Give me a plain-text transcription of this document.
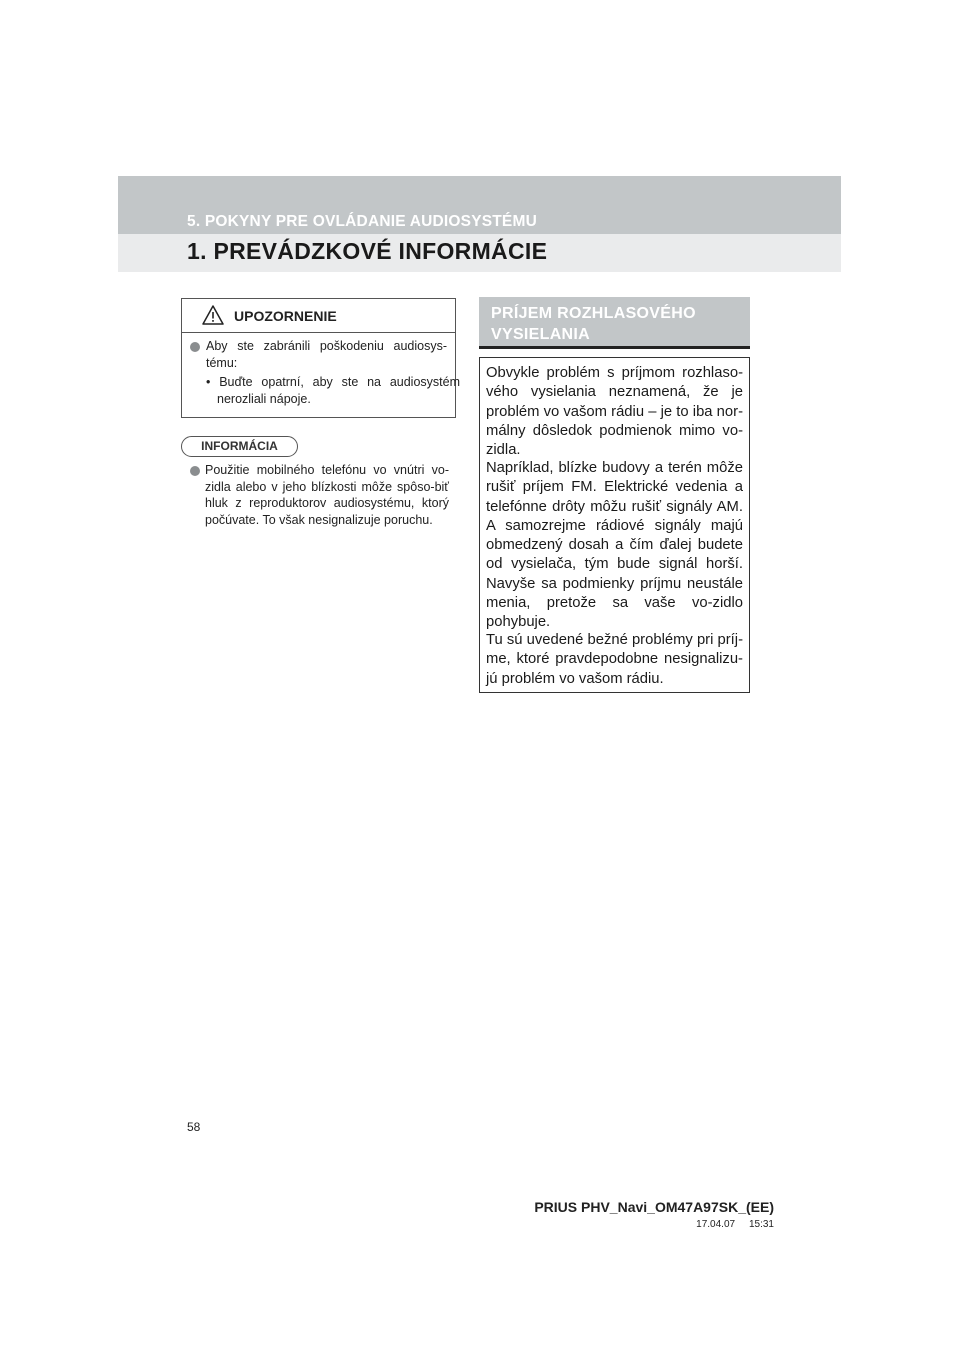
5. POKYNY PRE OVLÁDANIE AUDIOSYSTÉMU
1. PREVÁDZKOVÉ INFORMÁCIE
UPOZORNENIE
Aby ste zabránili poškodeniu audiosys-tému:
• Buďte opatrní, aby ste na audiosystém nerozliali nápoje.
INFORMÁCIA
Použitie mobilného telefónu vo vnútri vo-zidla alebo v jeho blízkosti môže spôso-biť hluk z reproduktorov audiosystému, ktorý počúvate. To však nesignalizuje poruchu.
PRÍJEM ROZHLASOVÉHO VYSIELANIA
Obvykle problém s príjmom rozhlaso-vého vysielania neznamená, že je problém vo vašom rádiu – je to iba nor-málny dôsledok podmienok mimo vo-zidla.
Napríklad, blízke budovy a terén môže rušiť príjem FM. Elektrické vedenia a telefónne drôty môžu rušiť signály AM. A samozrejme rádiové signály majú obmedzený dosah a čím ďalej budete od vysielača, tým bude signál horší. Navyše sa podmienky príjmu neustále menia, pretože sa vaše vo-zidlo pohybuje.
Tu sú uvedené bežné problémy pri príj-me, ktoré pravdepodobne nesignalizu-jú problém vo vašom rádiu.
58
PRIUS PHV_Navi_OM47A97SK_(EE)
17.04.07     15:31
